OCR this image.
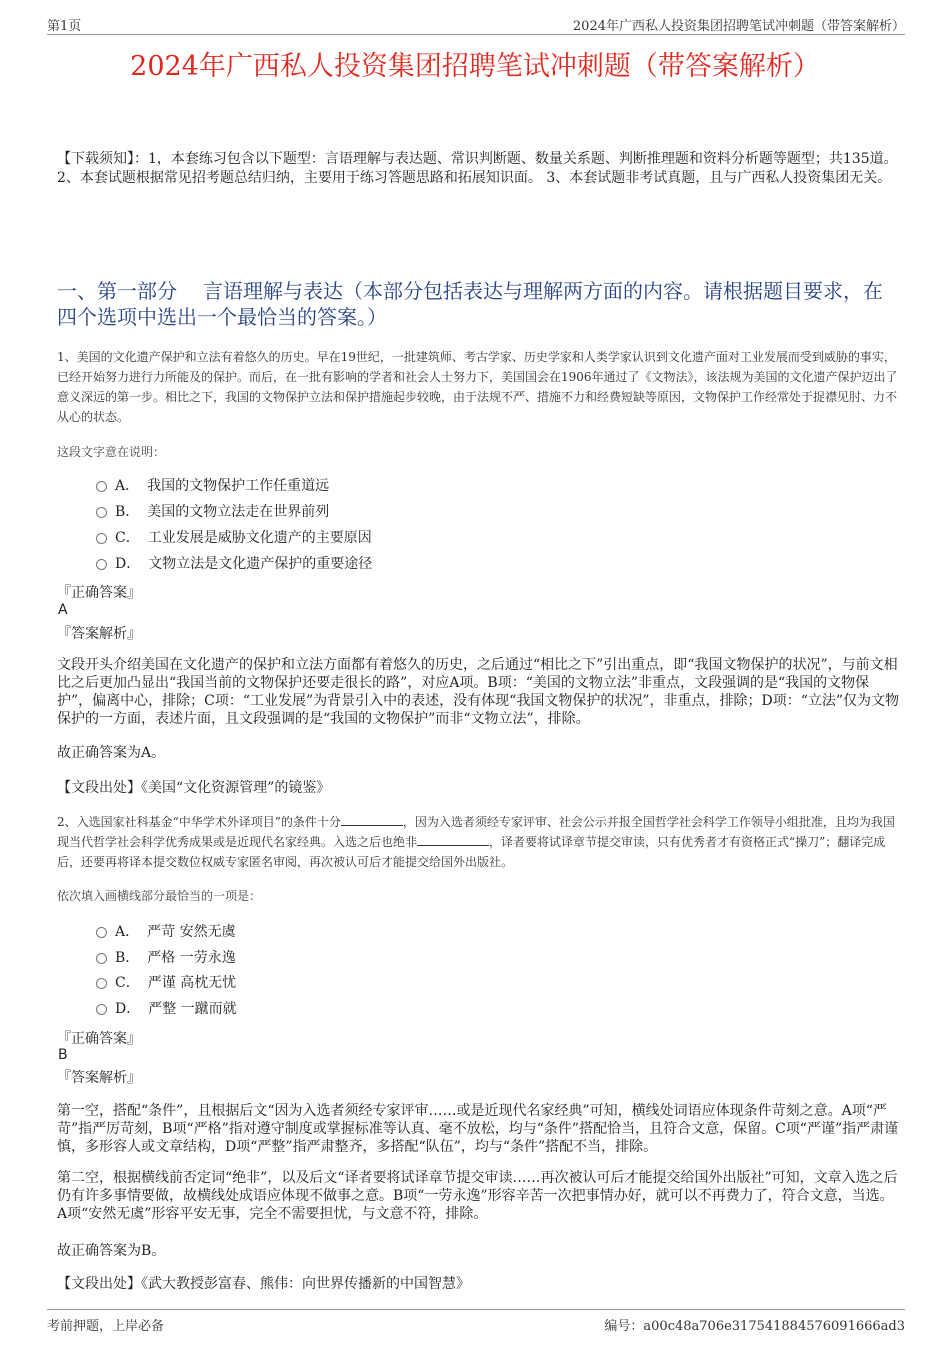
第1页	2024年广西私人投资集团招聘笔试冲刺题（带答案解析）
2024年广西私人投资集团招聘笔试冲刺题（带答案解析）
【下载须知】：1，本套练习包含以下题型：言语理解与表达题、常识判断题、数量关系题、判断推理题和资料分析题等题型；共135道。 2、本套试题根据常见招考题总结归纳，主要用于练习答题思路和拓展知识面。 3、本套试题非考试真题，且与广西私人投资集团无关。
一、第一部分 言语理解与表达（本部分包括表达与理解两方面的内容。请根据题目要求，在四个选项中选出一个最恰当的答案。）
1、美国的文化遗产保护和立法有着悠久的历史。早在19世纪，一批建筑师、考古学家、历史学家和人类学家认识到文化遗产面对工业发展而受到威胁的事实，已经开始努力进行力所能及的保护。而后，在一批有影响的学者和社会人士努力下，美国国会在1906年通过了《文物法》，该法规为美国的文化遗产保护迈出了意义深远的第一步。相比之下，我国的文物保护立法和保护措施起步较晚，由于法规不严、措施不力和经费短缺等原因，文物保护工作经常处于捉襟见肘、力不从心的状态。
这段文字意在说明：
A． 我国的文物保护工作任重道远
B． 美国的文物立法走在世界前列
C． 工业发展是威胁文化遗产的主要原因
D． 文物立法是文化遗产保护的重要途径
『正确答案』
A
『答案解析』
文段开头介绍美国在文化遗产的保护和立法方面都有着悠久的历史，之后通过“相比之下”引出重点，即“我国文物保护的状况”，与前文相比之后更加凸显出“我国当前的文物保护还要走很长的路”，对应A项。B项：“美国的文物立法”非重点，文段强调的是“我国的文物保护”，偏离中心，排除；C项：“工业发展”为背景引入中的表述，没有体现“我国文物保护的状况”，非重点，排除；D项：“立法”仅为文物保护的一方面，表述片面，且文段强调的是“我国的文物保护”而非“文物立法”，排除。
故正确答案为A。
【文段出处】《美国“文化资源管理”的镜鉴》
2、入选国家社科基金“中华学术外译项目”的条件十分	，因为入选者须经专家评审、社会公示并报全国哲学社会科学工作领导小组批准，且均为我国现当代哲学社会科学优秀成果或是近现代名家经典。入选之后也绝非	，译者要将试译章节提交审读，只有优秀者才有资格正式“操刀”；翻译完成后，还要再将译本提交数位权威专家匿名审阅，再次被认可后才能提交给国外出版社。
依次填入画横线部分最恰当的一项是：
A． 严苛 安然无虞
B． 严格 一劳永逸
C． 严谨 高枕无忧
D． 严整 一蹴而就
『正确答案』
B
『答案解析』
第一空，搭配“条件”，且根据后文“因为入选者须经专家评审……或是近现代名家经典”可知，横线处词语应体现条件苛刻之意。A项“严苛”指严厉苛刻，B项“严格”指对遵守制度或掌握标准等认真、毫不放松，均与“条件”搭配恰当，且符合文意，保留。C项“严谨”指严肃谨慎，多形容人或文章结构，D项“严整”指严肃整齐，多搭配“队伍”，均与“条件”搭配不当，排除。
第二空，根据横线前否定词“绝非”，以及后文“译者要将试译章节提交审读……再次被认可后才能提交给国外出版社”可知，文章入选之后仍有许多事情要做，故横线处成语应体现不做事之意。B项“一劳永逸”形容辛苦一次把事情办好，就可以不再费力了，符合文意，当选。A项“安然无虞”形容平安无事，完全不需要担忧，与文意不符，排除。
故正确答案为B。
【文段出处】《武大教授彭富春、熊伟：向世界传播新的中国智慧》
考前押题，上岸必备	编号：a00c48a706e317541884576091666ad3
